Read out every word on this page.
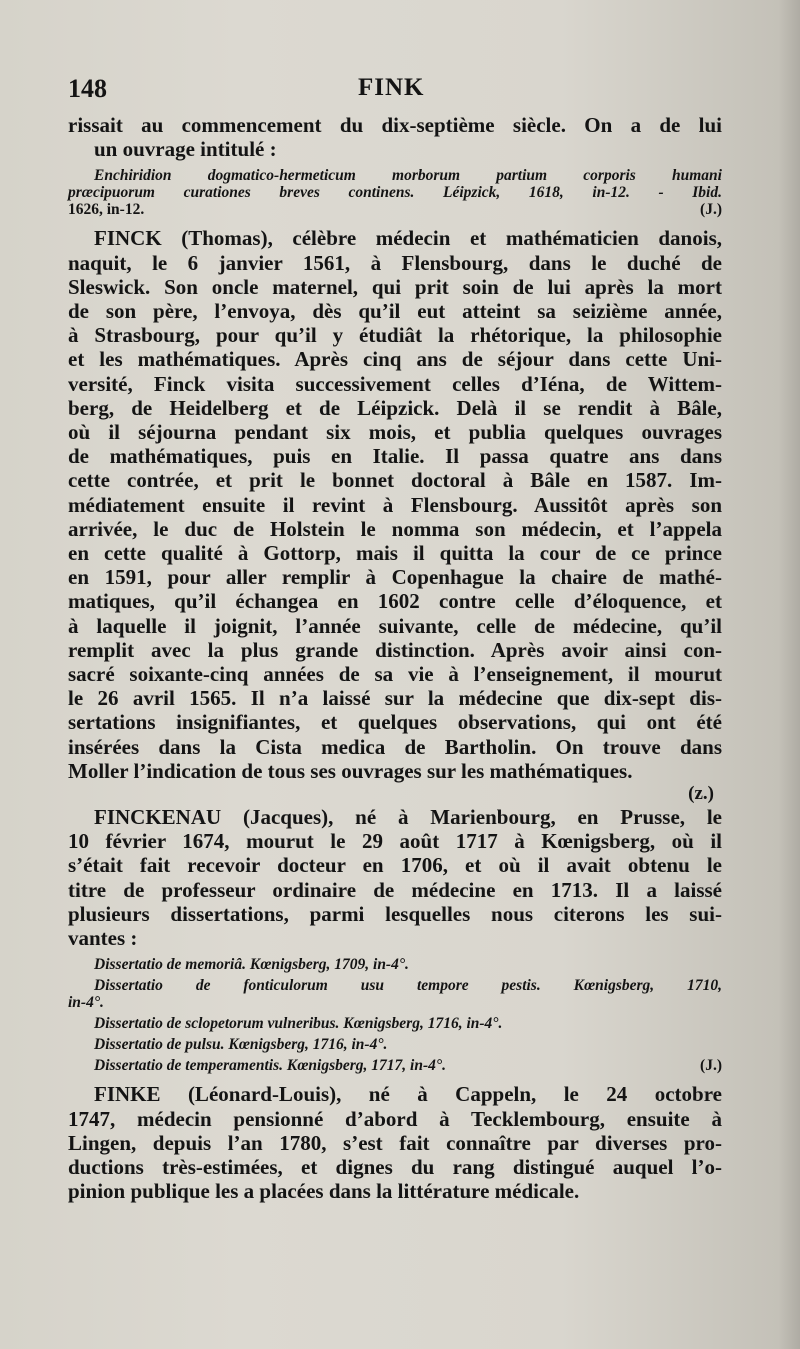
148	FINK
rissait au commencement du dix-septième siècle. On a de lui
un ouvrage intitulé :
Enchiridion dogmatico-hermeticum morborum partium corporis humani
præcipuorum curationes breves continens. Léipzick, 1618, in-12. - Ibid.
1626, in-12.	(J.)
FINCK (Thomas), célèbre médecin et mathématicien danois,
naquit, le 6 janvier 1561, à Flensbourg, dans le duché de
Sleswick. Son oncle maternel, qui prit soin de lui après la mort
de son père, l’envoya, dès qu’il eut atteint sa seizième année,
à Strasbourg, pour qu’il y étudiât la rhétorique, la philosophie
et les mathématiques. Après cinq ans de séjour dans cette Uni-
versité, Finck visita successivement celles d’Iéna, de Wittem-
berg, de Heidelberg et de Léipzick. Delà il se rendit à Bâle,
où il séjourna pendant six mois, et publia quelques ouvrages
de mathématiques, puis en Italie. Il passa quatre ans dans
cette contrée, et prit le bonnet doctoral à Bâle en 1587. Im-
médiatement ensuite il revint à Flensbourg. Aussitôt après son
arrivée, le duc de Holstein le nomma son médecin, et l’appela
en cette qualité à Gottorp, mais il quitta la cour de ce prince
en 1591, pour aller remplir à Copenhague la chaire de mathé-
matiques, qu’il échangea en 1602 contre celle d’éloquence, et
à laquelle il joignit, l’année suivante, celle de médecine, qu’il
remplit avec la plus grande distinction. Après avoir ainsi con-
sacré soixante-cinq années de sa vie à l’enseignement, il mourut
le 26 avril 1565. Il n’a laissé sur la médecine que dix-sept dis-
sertations insignifiantes, et quelques observations, qui ont été
insérées dans la Cista medica de Bartholin. On trouve dans
Moller l’indication de tous ses ouvrages sur les mathématiques.
(z.)
FINCKENAU (Jacques), né à Marienbourg, en Prusse, le
10 février 1674, mourut le 29 août 1717 à Kœnigsberg, où il
s’était fait recevoir docteur en 1706, et où il avait obtenu le
titre de professeur ordinaire de médecine en 1713. Il a laissé
plusieurs dissertations, parmi lesquelles nous citerons les sui-
vantes :
Dissertatio de memoriâ. Kœnigsberg, 1709, in-4°.
Dissertatio de fonticulorum usu tempore pestis. Kœnigsberg, 1710,
in-4°.
Dissertatio de sclopetorum vulneribus. Kœnigsberg, 1716, in-4°.
Dissertatio de pulsu. Kœnigsberg, 1716, in-4°.
Dissertatio de temperamentis. Kœnigsberg, 1717, in-4°.	(J.)
FINKE (Léonard-Louis), né à Cappeln, le 24 octobre
1747, médecin pensionné d’abord à Tecklembourg, ensuite à
Lingen, depuis l’an 1780, s’est fait connaître par diverses pro-
ductions très-estimées, et dignes du rang distingué auquel l’o-
pinion publique les a placées dans la littérature médicale.
